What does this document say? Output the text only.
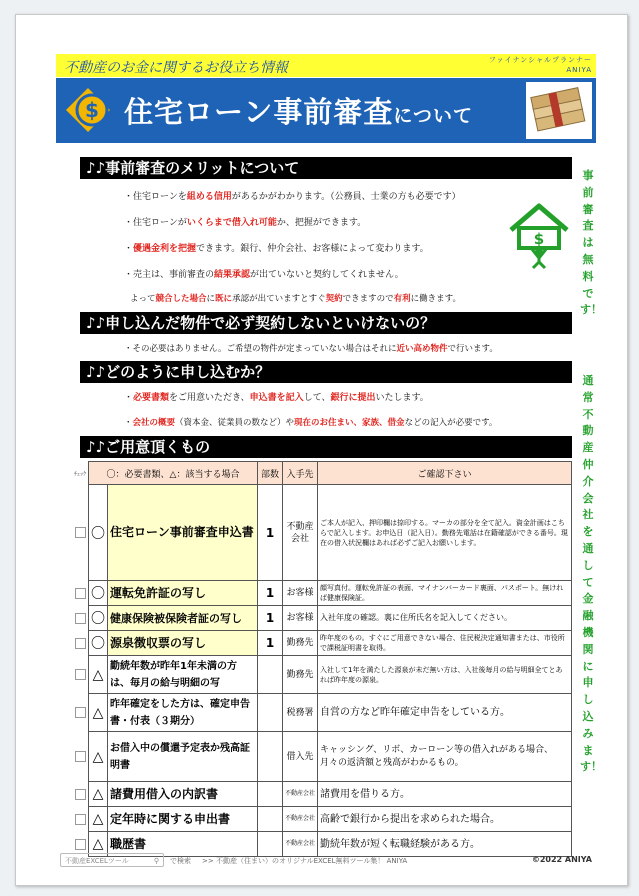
不動産のお金に関するお役立ち情報	ファイナンシャルプランナー
ANIYA
$ 住宅ローン事前審査について
♪♪事前審査のメリットについて
・住宅ローンを組める信用があるかがわかります。（公務員、士業の方も必要です）
・住宅ローンがいくらまで借入れ可能か、把握ができます。
・優遇金利を把握できます。銀行、仲介会社、お客様によって変わります。
・売主は、事前審査の結果承認が出ていないと契約してくれません。
よって競合した場合に既に承認が出ていますとすぐ契約できますので有利に働きます。
$
♪♪申し込んだ物件で必ず契約しないといけないの？
・その必要はありません。ご希望の物件が定まっていない場合はそれに近い高め物件で行います。
♪♪どのように申し込むか？
・必要書類をご用意いただき、申込書を記入して、銀行に提出いたします。
・会社の概要（資本金、従業員の数など）や現在のお住まい、家族、借金などの記入が必要です。
♪♪ご用意頂くもの
事前審査は無料です！
通常不動産仲介会社を通して金融機関に申し込みます！
ﾁｪｯｸ	〇：必要書類、△：該当する場合		部数	入手先	ご確認下さい
	〇	住宅ローン事前審査申込書	1	不動産会社	ご本人が記入、押印欄は捺印する。マーカの部分を全て記入。資金計画はこちらで記入します。お申込日（記入日）。勤務先電話は在籍確認ができる番号。現在の借入状況欄はあれば必ずご記入お願いします。
	〇	運転免許証の写し	1	お客様	顔写真付。運転免許証の表面、マイナンバーカード裏面、パスポート。無ければ健康保険証。
	〇	健康保険被保険者証の写し	1	お客様	入社年度の確認。裏に住所氏名を記入してください。
	〇	源泉徴収票の写し	1	勤務先	昨年度のもの。すぐにご用意できない場合、住民税決定通知書または、市役所で課税証明書を取得。
	△	勤続年数が昨年1年未満の方は、毎月の給与明細の写		勤務先	入社して1年を満たした源泉が未だ無い方は、入社後毎月の給与明細全てとあれば昨年度の源泉。
	△	昨年確定をした方は、確定申告書・付表（３期分）		税務署	自営の方など昨年確定申告をしている方。
	△	お借入中の償還予定表か残高証明書		借入先	キャッシング、リボ、カーローン等の借入れがある場合、月々の返済額と残高がわかるもの。
	△	諸費用借入の内訳書		不動産会社	諸費用を借りる方。
	△	定年時に関する申出書		不動産会社	高齢で銀行から提出を求められた場合。
	△	職歴書		不動産会社	勤続年数が短く転職経験がある方。
不動産EXCELツール	⚲ で検索 >> 不動産（住まい）のオリジナルEXCEL無料ツール集！ ANIYA	©2022 ANIYA
